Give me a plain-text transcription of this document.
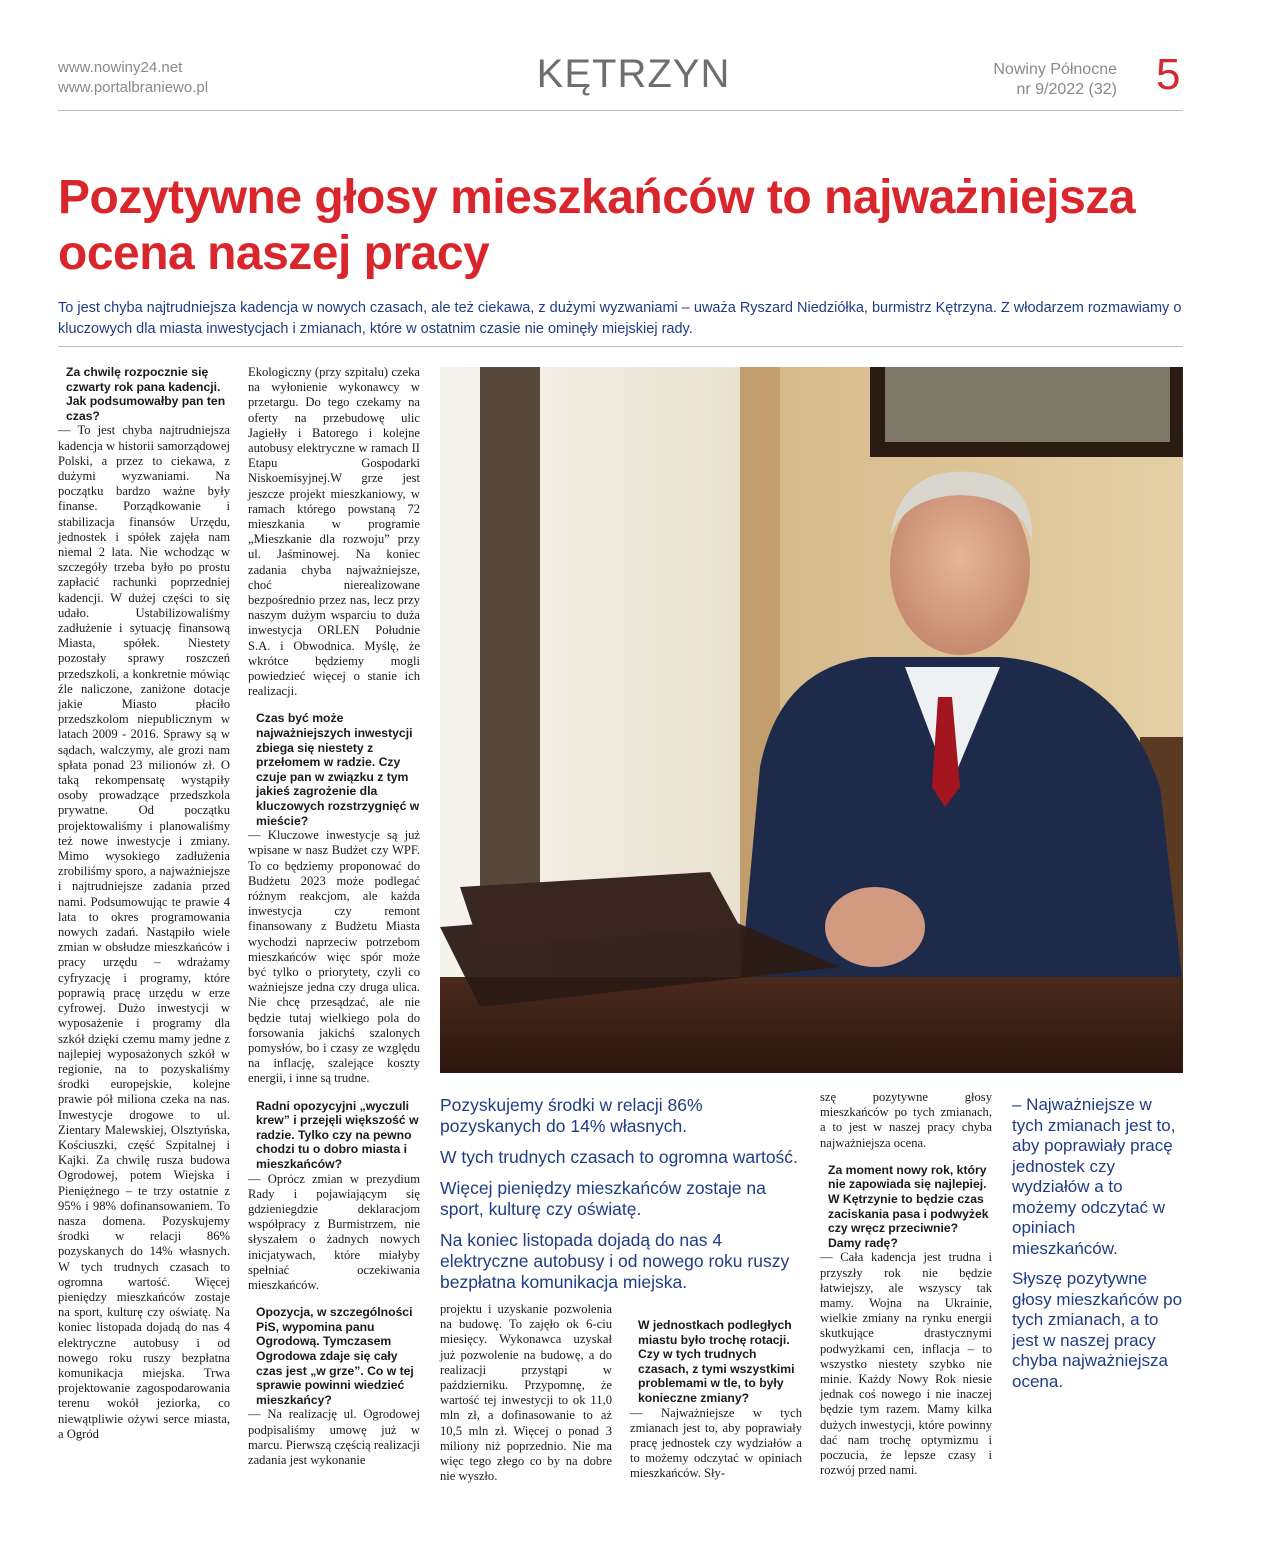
www.nowiny24.net
www.portalbraniewo.pl	KĘTRZYN	Nowiny Północne
nr 9/2022 (32) 5
Pozytywne głosy mieszkańców to najważniejsza
ocena naszej pracy
To jest chyba najtrudniejsza kadencja w nowych czasach, ale też ciekawa, z dużymi wyzwaniami – uważa Ryszard Niedziółka, burmistrz Kętrzyna. Z włodarzem rozmawiamy o kluczowych dla miasta inwestycjach i zmianach, które w ostatnim czasie nie ominęły miejskiej rady.

Za chwilę rozpocznie się czwarty rok pana kadencji. Jak podsumowałby pan ten czas?

— To jest chyba najtrudniejsza kadencja w historii samorządowej Polski, a przez to ciekawa, z dużymi wyzwaniami. Na początku bardzo ważne były finanse. Porządkowanie i stabilizacja finansów Urzędu, jednostek i spółek zajęła nam niemal 2 lata. Nie wchodząc w szczegóły trzeba było po prostu zapłacić rachunki poprzedniej kadencji. W dużej części to się udało. Ustabilizowaliśmy zadłużenie i sytuację finansową Miasta, spółek. Niestety pozostały sprawy roszczeń przedszkoli, a konkretnie mówiąc źle naliczone, zaniżone dotacje jakie Miasto płaciło przedszkolom niepublicznym w latach 2009 - 2016. Sprawy są w sądach, walczymy, ale grozi nam spłata ponad 23 milionów zł. O taką rekompensatę wystąpiły osoby prowadzące przedszkola prywatne. Od początku projektowaliśmy i planowaliśmy też nowe inwestycje i zmiany. Mimo wysokiego zadłużenia zrobiliśmy sporo, a najważniejsze i najtrudniejsze zadania przed nami. Podsumowując te prawie 4 lata to okres programowania nowych zadań. Nastąpiło wiele zmian w obsłudze mieszkańców i pracy urzędu – wdrażamy cyfryzację i programy, które poprawią pracę urzędu w erze cyfrowej. Dużo inwestycji w wyposażenie i programy dla szkół dzięki czemu mamy jedne z najlepiej wyposażonych szkół w regionie, na to pozyskaliśmy środki europejskie, kolejne prawie pół miliona czeka na nas. Inwestycje drogowe to ul. Zientary Malewskiej, Olsztyńska, Kościuszki, część Szpitalnej i Kajki. Za chwilę rusza budowa Ogrodowej, potem Wiejska i Pieniężnego – te trzy ostatnie z 95% i 98% dofinansowaniem. To nasza domena. Pozyskujemy środki w relacji 86% pozyskanych do 14% własnych. W tych trudnych czasach to ogromna wartość. Więcej pieniędzy mieszkańców zostaje na sport, kulturę czy oświatę. Na koniec listopada dojadą do nas 4 elektryczne autobusy i od nowego roku ruszy bezpłatna komunikacja miejska. Trwa projektowanie zagospodarowania terenu wokół jeziorka, co niewątpliwie ożywi serce miasta, a Ogród

Ekologiczny (przy szpitalu) czeka na wyłonienie wykonawcy w przetargu. Do tego czekamy na oferty na przebudowę ulic Jagiełły i Batorego i kolejne autobusy elektryczne w ramach II Etapu Gospodarki Niskoemisyjnej.W grze jest jeszcze projekt mieszkaniowy, w ramach którego powstaną 72 mieszkania w programie „Mieszkanie dla rozwoju” przy ul. Jaśminowej. Na koniec zadania chyba najważniejsze, choć nierealizowane bezpośrednio przez nas, lecz przy naszym dużym wsparciu to duża inwestycja ORLEN Południe S.A. i Obwodnica. Myślę, że wkrótce będziemy mogli powiedzieć więcej o stanie ich realizacji.

Czas być może najważniejszych inwestycji zbiega się niestety z przełomem w radzie. Czy czuje pan w związku z tym jakieś zagrożenie dla kluczowych rozstrzygnięć w mieście?

— Kluczowe inwestycje są już wpisane w nasz Budżet czy WPF. To co będziemy proponować do Budżetu 2023 może podlegać różnym reakcjom, ale każda inwestycja czy remont finansowany z Budżetu Miasta wychodzi naprzeciw potrzebom mieszkańców więc spór może być tylko o priorytety, czyli co ważniejsze jedna czy druga ulica. Nie chcę przesądzać, ale nie będzie tutaj wielkiego pola do forsowania jakichś szalonych pomysłów, bo i czasy ze względu na inflację, szalejące koszty energii, i inne są trudne.

Radni opozycyjni „wyczuli krew” i przejęli większość w radzie. Tylko czy na pewno chodzi tu o dobro miasta i mieszkańców?

— Oprócz zmian w prezydium Rady i pojawiającym się gdzieniegdzie deklaracjom współpracy z Burmistrzem, nie słyszałem o żadnych nowych inicjatywach, które miałyby spełniać oczekiwania mieszkańców.

Opozycja, w szczególności PiS, wypomina panu Ogrodową. Tymczasem Ogrodowa zdaje się cały czas jest „w grze”. Co w tej sprawie powinni wiedzieć mieszkańcy?

— Na realizację ul. Ogrodowej podpisaliśmy umowę już w marcu. Pierwszą częścią realizacji zadania jest wykonanie

Pozyskujemy środki w relacji 86% pozyskanych do 14% własnych.

W tych trudnych czasach to ogromna wartość.

Więcej pieniędzy mieszkańców zostaje na sport, kulturę czy oświatę.

Na koniec listopada dojadą do nas 4 elektryczne autobusy i od nowego roku ruszy bezpłatna komunikacja miejska.

projektu i uzyskanie pozwolenia na budowę. To zajęło ok 6-ciu miesięcy. Wykonawca uzyskał już pozwolenie na budowę, a do realizacji przystąpi w październiku. Przypomnę, że wartość tej inwestycji to ok 11,0 mln zł, a dofinasowanie to aż 10,5 mln zł. Więcej o ponad 3 miliony niż poprzednio. Nie ma więc tego złego co by na dobre nie wyszło.

W jednostkach podległych miastu było trochę rotacji. Czy w tych trudnych czasach, z tymi wszystkimi problemami w tle, to były konieczne zmiany?

— Najważniejsze w tych zmianach jest to, aby poprawiały pracę jednostek czy wydziałów a to możemy odczytać w opiniach mieszkańców. Sły-

szę pozytywne głosy mieszkańców po tych zmianach, a to jest w naszej pracy chyba najważniejsza ocena.

Za moment nowy rok, który nie zapowiada się najlepiej. W Kętrzynie to będzie czas zaciskania pasa i podwyżek czy wręcz przeciwnie? Damy radę?

— Cała kadencja jest trudna i przyszły rok nie będzie łatwiejszy, ale wszyscy tak mamy. Wojna na Ukrainie, wielkie zmiany na rynku energii skutkujące drastycznymi podwyżkami cen, inflacja – to wszystko niestety szybko nie minie. Każdy Nowy Rok niesie jednak coś nowego i nie inaczej będzie tym razem. Mamy kilka dużych inwestycji, które powinny dać nam trochę optymizmu i poczucia, że lepsze czasy i rozwój przed nami.

– Najważniejsze w tych zmianach jest to, aby poprawiały pracę jednostek czy wydziałów a to możemy odczytać w opiniach mieszkańców.

Słyszę pozytywne głosy mieszkańców po tych zmianach, a to jest w naszej pracy chyba najważniejsza ocena.
